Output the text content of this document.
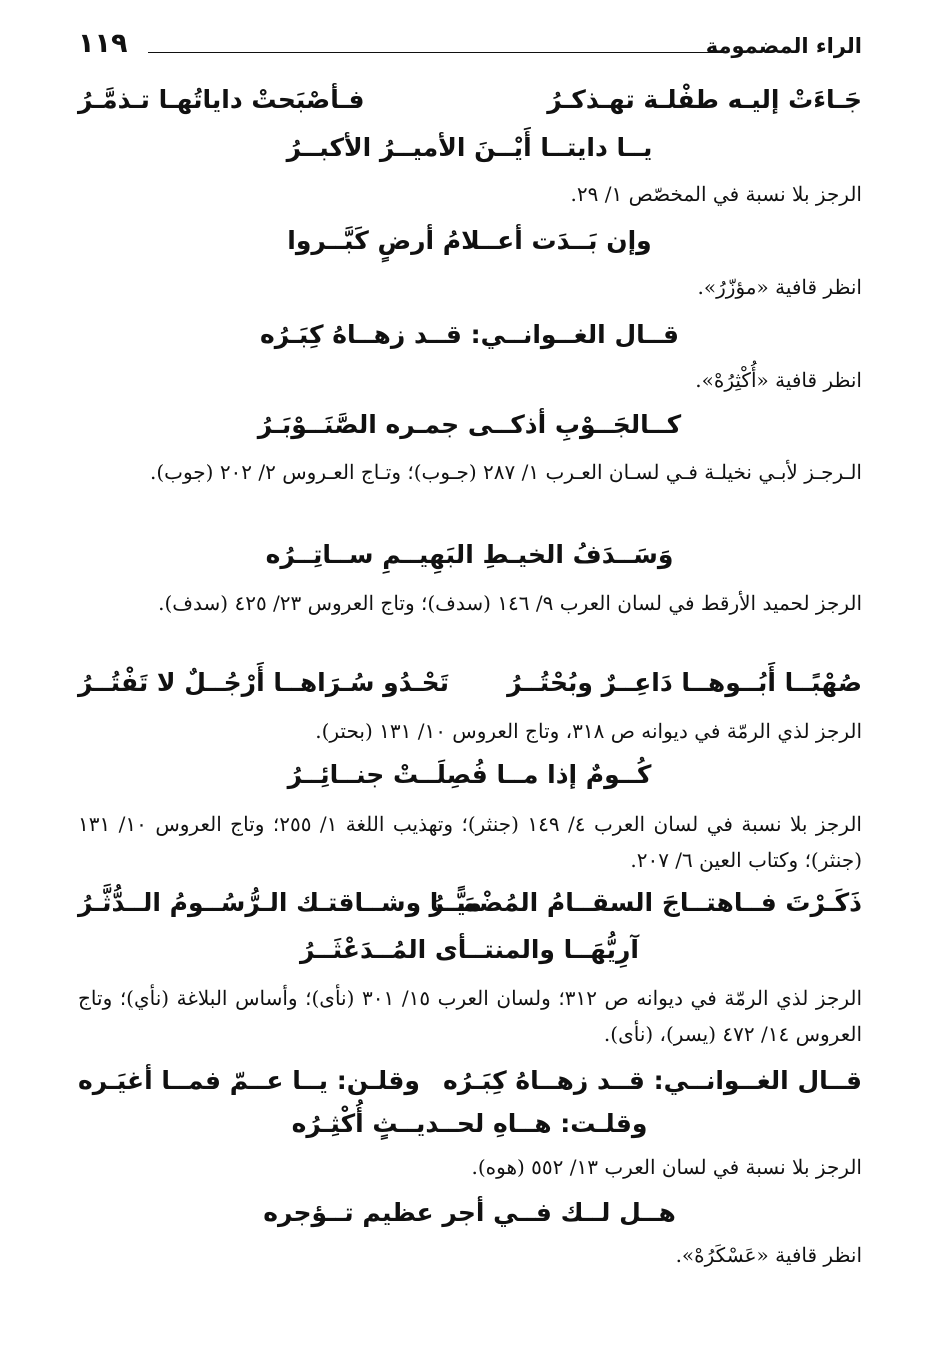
الراء المضمومة
١١٩
جَـاءَتْ إليـه طفْلـة تهـذكـرُ
فـأصْبَحتْ داياتُهـا تـذمَّـرُ
يــا دايتــا أَيْــنَ الأميــرُ الأكبــرُ
الرجز بلا نسبة في المخصّص ١/ ٢٩.
وإن بَــدَت أعــلامُ أرضٍ كَبَّــروا
انظر قافية «مؤزّرُ».
قــال الغــوانــي: قــد زهــاهُ كِبَـرُه
انظر قافية «أُكْثِرُهْ».
كــالجَــوْبِ أذكــى جمـره الصَّنَــوْبَـرُ
الـرجـز لأبـي نخيلـة فـي لسـان العـرب ١/ ٢٨٧ (جـوب)؛ وتـاج العـروس ٢/ ٢٠٢ (جوب).
وَسَــدَفُ الخيـطِ البَهِيــمِ ســاتِــرُه
الرجز لحميد الأرقط في لسان العرب ٩/ ١٤٦ (سدف)؛ وتاج العروس ٢٣/ ٤٢٥ (سدف).
صُهْبًــا أَبُــوهــا دَاعِــرٌ وبُحْتُــرُ
تَحْـدُو سُـرَاهــا أَرْجُــلٌ لا تَفْتُــرُ
الرجز لذي الرمّة في ديوانه ص ٣١٨، وتاج العروس ١٠/ ١٣١ (بحتر).
كُــومٌ إذا مــا فُصِلَــتْ جنــائِــرُ
الرجز بلا نسبة في لسان العرب ٤/ ١٤٩ (جنثر)؛ وتهذيب اللغة ١/ ٢٥٥؛ وتاج العروس ١٠/ ١٣١ (جنثر)؛ وكتاب العين ٦/ ٢٠٧.
ذَكَـرْتَ فــاهتــاجَ السقــامُ المُضْمَــرُ
ميًّــا وشــاقتـك الـرُّسُــومُ الــدُّثَّـرُ
آرِيُّهَــا والمنتــأى المُــدَعْثَــرُ
الرجز لذي الرمّة في ديوانه ص ٣١٢؛ ولسان العرب ١٥/ ٣٠١ (نأى)؛ وأساس البلاغة (نأي)؛ وتاج العروس ١٤/ ٤٧٢ (يسر)، (نأى).
قــال الغــوانــي: قــد زهــاهُ كِبَـرُه
وقلـن: يــا عــمّ فمــا أغيَـره
وقلـت: هــاهِ لحــديــثٍ أُكْثِـرُه
الرجز بلا نسبة في لسان العرب ١٣/ ٥٥٢ (هوه).
هــل لــك فــي أجر عظيم تــؤجره
انظر قافية «عَسْكَرُهْ».
